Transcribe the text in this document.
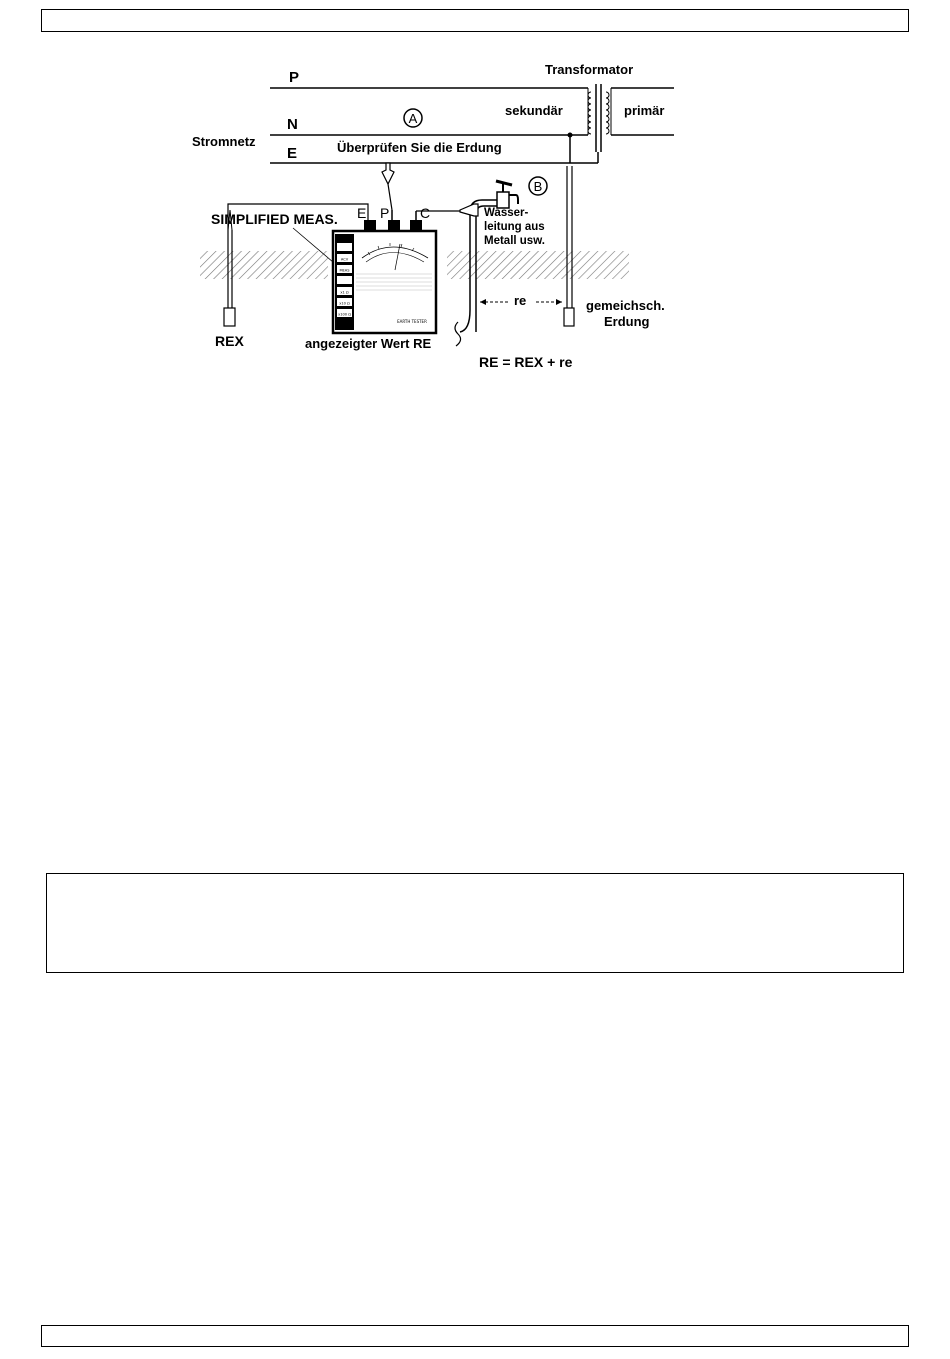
ACV
MEAS
x1 Ω
x10 Ω
x100 Ω
EARTH TESTER
P
N
E
Stromnetz
Transformator
sekundär	primär
A
B
Überprüfen Sie die Erdung
SIMPLIFIED MEAS. E P C	Wasser-
leitung aus
Metall usw.
re	gemeichsch.
Erdung
REX	angezeigter Wert RE
RE = REX + re
